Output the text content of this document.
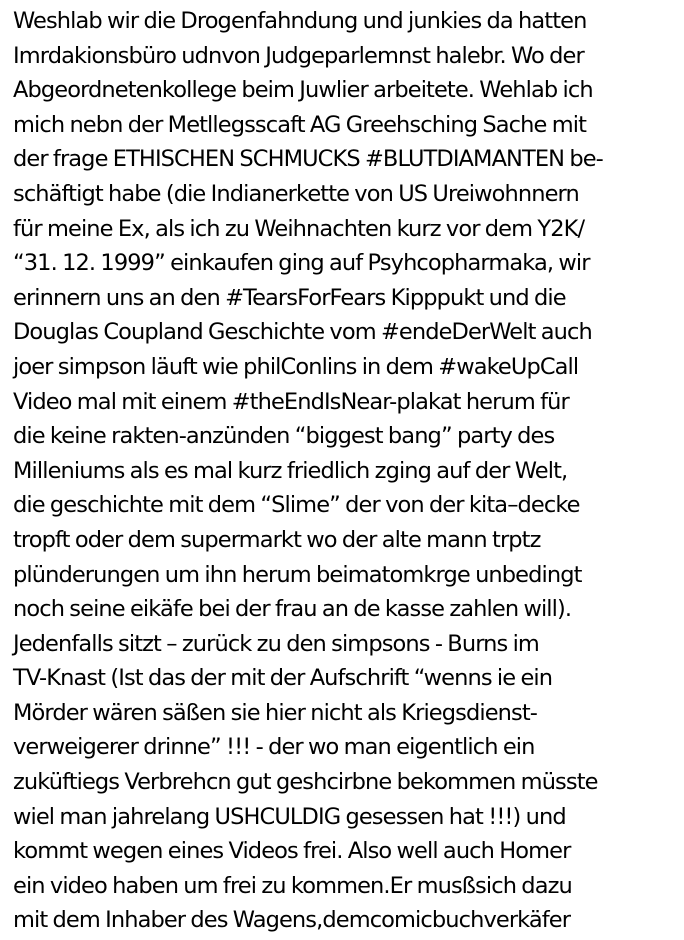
Weshlab wir die Drogenfahndung und junkies da hatten
Imrdakionsbüro udnvon Judgeparlemnst halebr. Wo der
Abgeordnetenkollege beim Juwlier arbeitete. Wehlab ich
mich nebn der Metllegsscaft AG Greehsching Sache mit
der frage ETHISCHEN SCHMUCKS #BLUTDIAMANTEN be-
schäftigt habe (die Indianerkette von US Ureiwohnnern
für meine Ex, als ich zu Weihnachten kurz vor dem Y2K/
“31. 12. 1999” einkaufen ging auf Psyhcopharmaka, wir
erinnern uns an den #TearsForFears Kipppukt und die
Douglas Coupland Geschichte vom #endeDerWelt auch
joer simpson läuft wie philConlins in dem #wakeUpCall
Video mal mit einem #theEndIsNear-plakat herum für
die keine rakten-anzünden “biggest bang” party des
Milleniums als es mal kurz friedlich zging auf der Welt,
die geschichte mit dem “Slime” der von der kita–decke
tropft oder dem supermarkt wo der alte mann trptz
plünderungen um ihn herum beimatomkrge unbedingt
noch seine eikäfe bei der frau an de kasse zahlen will).
Jedenfalls sitzt – zurück zu den simpsons - Burns im
TV-Knast (Ist das der mit der Aufschrift “wenns ie ein
Mörder wären säßen sie hier nicht als Kriegsdienst-
verweigerer drinne” !!! - der wo man eigentlich ein
zuküftiegs Verbrehcn gut geshcirbne bekommen müsste
wiel man jahrelang USHCULDIG gesessen hat !!!) und
kommt wegen eines Videos frei. Also well auch Homer
ein video haben um frei zu kommen.Er musßsich dazu
mit dem Inhaber des Wagens,demcomicbuchverkäfer
